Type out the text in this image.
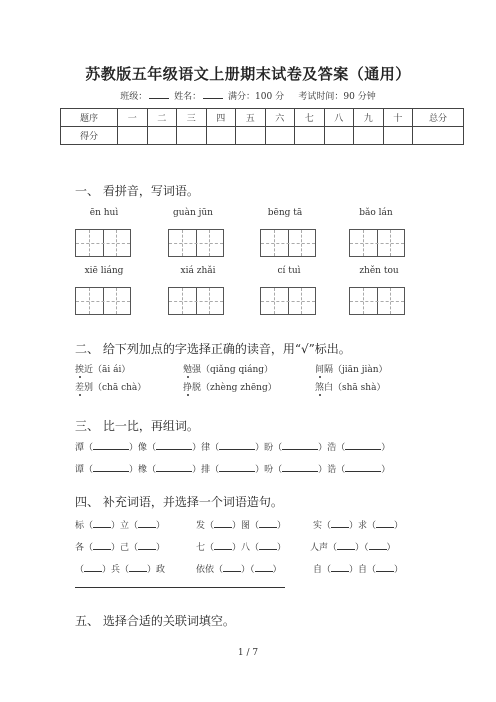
苏教版五年级语文上册期末试卷及答案（通用）
班级：	姓名：	满分：100 分 考试时间：90 分钟
题序	一	二	三	四	五	六	七	八	九	十	总分
得分											
一、 看拼音，写词语。
ēn huì	guàn jūn	bēng tā	bǎo lán
xiē liáng	xiá zhǎi	cí tuì	zhěn tou
二、 给下列加点的字选择正确的读音，用“√”标出。
挨近（āi ái）	勉强（qiǎng qiáng）	间隔（jiān jiàn）
差别（chā chà）	挣脱（zhèng zhēng）	煞白（shā shà）
三、 比一比，再组词。
潭（	）像（	）律（	）盼（	）浩（	）
谭（	）橡（	）排（	）吩（	）诰（	）
四、 补充词语，并选择一个词语造句。
标（ ）立（ ）	发（ ）图（ ）	实（ ）求（ ）
各（ ）己（ ）	七（ ）八（ ）	人声（ ）（ ）
（ ）兵（ ）政	依依（ ）（ ）	自（ ）自（ ）
五、 选择合适的关联词填空。
1 / 7
